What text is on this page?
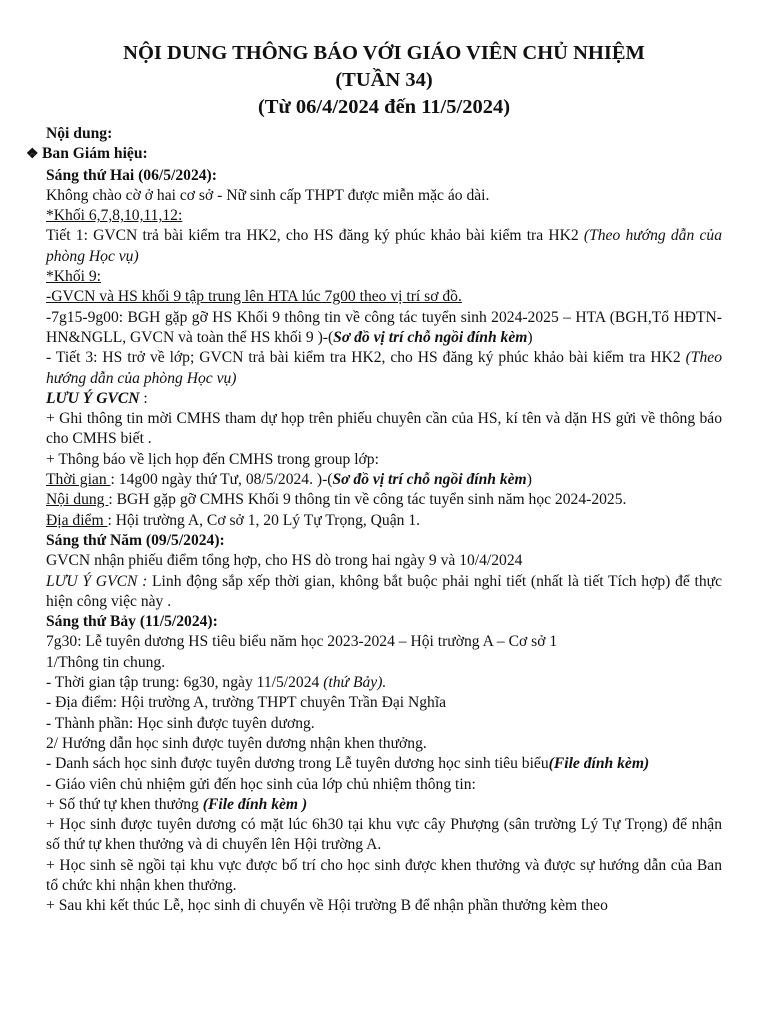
NỘI DUNG THÔNG BÁO VỚI GIÁO VIÊN CHỦ NHIỆM
(TUẦN 34)
(Từ 06/4/2024 đến 11/5/2024)
Nội dung:
❖ Ban Giám hiệu:
Sáng thứ Hai (06/5/2024):
Không chào cờ ở hai cơ sở - Nữ sinh cấp THPT được miễn mặc áo dài.
*Khối 6,7,8,10,11,12:
Tiết 1: GVCN trả bài kiểm tra HK2, cho HS đăng ký phúc khảo bài kiểm tra HK2 (Theo hướng dẫn của phòng Học vụ)
*Khối 9:
-GVCN và HS khối 9 tập trung lên HTA lúc 7g00 theo vị trí sơ đồ.
-7g15-9g00: BGH gặp gỡ HS Khối 9 thông tin về công tác tuyển sinh 2024-2025 – HTA (BGH,Tổ HĐTN-HN&NGLL, GVCN và toàn thể HS khối 9 )-(Sơ đồ vị trí chỗ ngồi đính kèm)
- Tiết 3: HS trở về lớp; GVCN trả bài kiểm tra HK2, cho HS đăng ký phúc khảo bài kiểm tra HK2 (Theo hướng dẫn của phòng Học vụ)
LƯU Ý GVCN :
+ Ghi thông tin mời CMHS tham dự họp trên phiếu chuyên cần của HS, kí tên và dặn HS gửi về thông báo cho CMHS biết .
+ Thông báo về lịch họp đến CMHS trong group lớp:
Thời gian : 14g00 ngày thứ Tư, 08/5/2024. )-(Sơ đồ vị trí chỗ ngồi đính kèm)
Nội dung : BGH gặp gỡ CMHS Khối 9 thông tin về công tác tuyển sinh năm học 2024-2025.
Địa điểm : Hội trường A, Cơ sở 1, 20 Lý Tự Trọng, Quận 1.
Sáng thứ Năm (09/5/2024):
GVCN nhận phiếu điểm tổng hợp, cho HS dò trong hai ngày 9 và 10/4/2024
LƯU Ý GVCN : Linh động sắp xếp thời gian, không bắt buộc phải nghỉ tiết (nhất là tiết Tích hợp) để thực hiện công việc này .
Sáng thứ Bảy (11/5/2024):
7g30: Lễ tuyên dương HS tiêu biểu năm học 2023-2024 – Hội trường A – Cơ sở 1
1/Thông tin chung.
- Thời gian tập trung: 6g30, ngày 11/5/2024 (thứ Bảy).
- Địa điểm: Hội trường A, trường THPT chuyên Trần Đại Nghĩa
- Thành phần: Học sinh được tuyên dương.
2/ Hướng dẫn học sinh được tuyên dương nhận khen thưởng.
- Danh sách học sinh được tuyên dương trong Lễ tuyên dương học sinh tiêu biểu(File đính kèm)
- Giáo viên chủ nhiệm gửi đến học sinh của lớp chủ nhiệm thông tin:
+ Số thứ tự khen thưởng (File đính kèm )
+ Học sinh được tuyên dương có mặt lúc 6h30 tại khu vực cây Phượng (sân trường Lý Tự Trọng) để nhận số thứ tự khen thưởng và di chuyển lên Hội trường A.
+ Học sinh sẽ ngồi tại khu vực được bố trí cho học sinh được khen thưởng và được sự hướng dẫn của Ban tổ chức khi nhận khen thưởng.
+ Sau khi kết thúc Lễ, học sinh di chuyển về Hội trường B để nhận phần thưởng kèm theo
